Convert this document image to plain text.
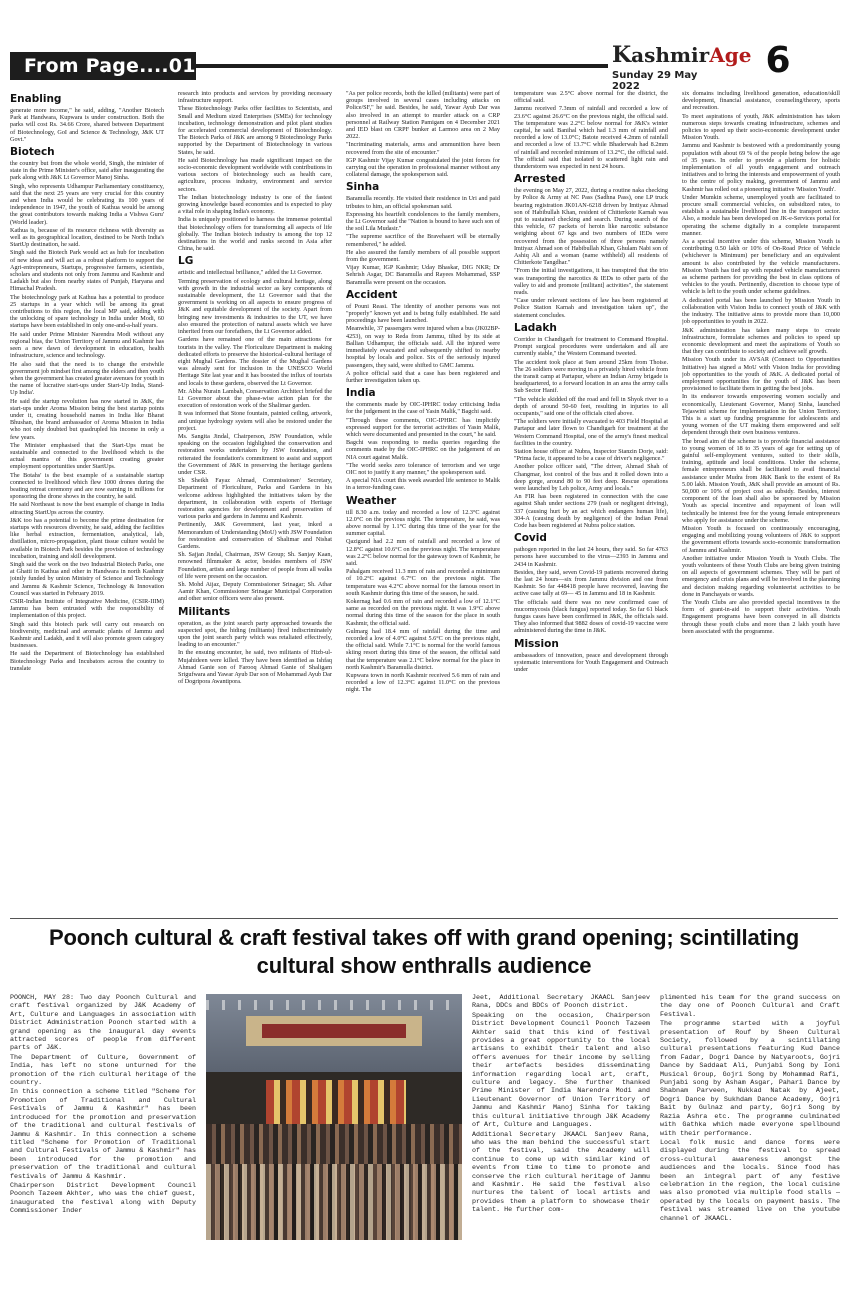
From Page....01	KashmirAge
Sunday 29 May 2022
6
Enabling

generate more income," he said, adding, "Another Biotech Park at Handwara, Kupwara is under construction. Both the parks will cost Rs. 34.66 Crore, shared between Department of Biotechnology, GoI and Science & Technology, J&K UT Govt."

Biotech

the country but from the whole world, Singh, the minister of state in the Prime Minister's office, said after inaugurating the park along with J&K Lt Governor Manoj Sinha.

Singh, who represents Udhampur Parliamentary constituency, said that the next 25 years are very crucial for this country and when India would be celebrating its 100 years of independence in 1947, the youth of Kathua would be among the great contributors towards making India a Vishwa Guru' (World leader).

Kathua is, because of its resource richness with diversity as well as its geographical location, destined to be North India's StartUp destination, he said.

Singh said the Biotech Park would act as hub for incubation of new ideas and will act as a robust platform to support the Agri-entrepreneurs, Startups, progressive farmers, scientists, scholars and students not only from Jammu and Kashmir and Ladakh but also from nearby states of Punjab, Haryana and Himachal Pradesh.

The biotechnology park at Kathua has a potential to produce 25 startups in a year which will be among its great contributions to this region, the local MP said, adding with the unlocking of spare technology in India under Modi, 60 startups have been established in only one-and-a-half years.

He said under Prime Minister Narendra Modi without any regional bias, the Union Territory of Jammu and Kashmir has seen a new dawn of development in education, health infrastructure, science and technology.

He also said that the need is to change the erstwhile government job mindset first among the elders and then youth when the government has created greater avenues for youth in the name of lucrative start-ups under Start-Up India, Stand-Up India'.

He said the startup revolution has now started in J&K, the start-ups under Aroma Mission being the best startup points under it, creating household names in India like Bharat Bhushan, the brand ambassador of Aroma Mission in India who not only doubted but quadrupled his income in only a few years.

The Minister emphasised that the Start-Ups must be sustainable and connected to the livelihood which is the actual mantra of this government creating greater employment opportunities under StartUps.

The Botahs' is the best example of a sustainable startup connected to livelihood which flew 1000 drones during the beating retreat ceremony and are now earning in millions for sponsoring the drone shows in the country, he said.

He said Northeast is now the best example of change in India attracting StartUps across the country.

J&K too has a potential to become the prime destination for startups with resources diversity, he said, adding the facilities like herbal extraction, fermentation, analytical, lab, distillation, micro-propagation, plant tissue culture would be available in Biotech Park besides the provision of technology incubation, training and skill development.

Singh said the work on the two Industrial Biotech Parks, one at Ghatti in Kathua and other in Handwara in north Kashmir jointly funded by union Ministry of Science and Technology and Jammu & Kashmir Science, Technology & Innovation Council was started in February 2019.

CSIR-Indian Institute of Integrative Medicine, (CSIR-IIIM) Jammu has been entrusted with the responsibility of implementation of this project.

Singh said this biotech park will carry out research on biodiversity, medicinal and aromatic plants of Jammu and Kashmir and Ladakh, and it will also promote green category businesses.

He said the Department of Biotechnology has established Biotechnology Parks and Incubators across the country to translate

research into products and services by providing necessary infrastructure support.

These Biotechnology Parks offer facilities to Scientists, and Small and Medium sized Enterprises (SMEs) for technology incubation, technology demonstration and pilot plant studies for accelerated commercial development of Biotechnology. The Biotech Parks of J&K are among 9 Biotechnology Parks supported by the Department of Biotechnology in various States, he said.

He said Biotechnology has made significant impact on the socio-economic development worldwide with contributions in various sectors of biotechnology such as health care, agriculture, process industry, environment and service sectors.

The Indian biotechnology industry is one of the fastest growing knowledge based economies and is expected to play a vital role in shaping India's economy.

India is uniquely positioned to harness the immense potential that biotechnology offers for transforming all aspects of life globally. The Indian biotech industry is among the top 12 destinations in the world and ranks second in Asia after China, he said.

LG

artistic and intellectual brilliance," added the Lt Governor.

Terming preservation of ecology and cultural heritage, along with growth in the industrial sector as key components of sustainable development, the Lt Governor said that the government is working on all aspects to ensure progress of J&K and equitable development of the society. Apart from bringing new investments & industries to the UT, we have also ensured the protection of natural assets which we have inherited from our forefathers, the Lt Governor added.

Gardens have remained one of the main attractions for tourists in the valley. The Floriculture Department is making dedicated efforts to preserve the historical-cultural heritage of eight Mughal Gardens. The dossier of the Mughal Gardens was already sent for inclusion in the UNESCO World Heritage Site last year and it has boosted the influx of tourists and locals to these gardens, observed the Lt Governor.

Mr. Abha Nurain Lambah, Conservation Architect briefed the Lt Governor about the phase-wise action plan for the execution of restoration work of the Shalimar garden.

It was informed that Stone fountain, painted ceiling, artwork, and unique hydrology system will also be restored under the project.

Ms. Sangita Jindal, Chairperson, JSW Foundation, while speaking on the occasion highlighted the conservation and restoration works undertaken by JSW foundation, and reiterated the foundation's commitment to assist and support the Government of J&K in preserving the heritage gardens under CSR.

Sh Sheikh Fayaz Ahmad, Commissioner/ Secretary, Department of Floriculture, Parks and Gardens in his welcome address highlighted the initiatives taken by the department, in collaboration with experts of Heritage restoration agencies for development and preservation of various parks and gardens in Jammu and Kashmir.

Pertinently, J&K Government, last year, inked a Memorandum of Understanding (MoU) with JSW Foundation for restoration and conservation of Shalimar and Nishat Gardens.

Sh. Sajjan Jindal, Chairman, JSW Group; Sh. Sanjay Kaan, renowned filmmaker & actor, besides members of JSW Foundation, artists and large number of people from all walks of life were present on the occasion.

Sh. Mohd Aijaz, Deputy Commissioner Srinagar; Sh. Athar Aamir Khan, Commissioner Srinagar Municipal Corporation and other senior officers were also present.

Militants

operation, as the joint search party approached towards the suspected spot, the hiding (militants) fired indiscriminately upon the joint search party which was retaliated effectively, leading to an encounter."

In the ensuing encounter, he said, two militants of Hizb-ul-Mujahideen were killed. They have been identified as Ishfaq Ahmad Ganie son of Farooq Ahmad Ganie of Shaligam Srigufwara and Yawar Ayub Dar son of Mohammad Ayub Dar of Dogripora Awantipora.

"As per police records, both the killed (militants) were part of groups involved in several cases including attacks on Police/SF," he said. Besides, he said, Yawar Ayub Dar was also involved in an attempt to murder attack on a CRP personnel at Railway Station Pamigam on 4 December 2021 and IED blast on CRPF bunker at Larmoo area on 2 May 2022.

"Incriminating materials, arms and ammunition have been recovered from the site of encounter."

IGP Kashmir Vijay Kumar congratulated the joint forces for carrying out the operation in professional manner without any collateral damage, the spokesperson said.

Sinha

Baramulla recently. He visited their residence in Uri and paid tributes to him, an official spokesman said.

Expressing his heartfelt condolences to the family members, the Lt Governor said the "Nation is bound to have such son of the soil Lila Mudasir."

"The supreme sacrifice of the Bravehaert will be eternally remembered," he added.

He also assured the family members of all possible support from the government.

Vijay Kumar, IGP Kashmir; Uday Bhaskar, DIG NKR; Dr Sehrish Asgar, DC Baramulla and Rayees Mohammad, SSP Baramulla were present on the occasion.

Accident

of Pouni Reasi. The identity of another persons was not "properly" known yet and is being fully established. He said proceedings have been launched.

Meanwhile, 37 passengers were injured when a bus (JK02BP-4253), on way to Reda from Jammu, tilted by its side at Ballian Udhampur, the officials said. All the injured were immediately evacuated and subsequently shifted to nearby hospital by locals and police. Six of the seriously injured passengers, they said, were shifted to GMC Jammu.

A police official said that a case has been registered and further investigation taken up.

India

the comments made by OIC-IPHRC today criticising India for the judgement in the case of Yasin Malik," Bagchi said.

"Through these comments, OIC-IPHRC has implicitly expressed support for the terrorist activities of Yasin Malik, which were documented and presented in the court," he said.

Bagchi was responding to media queries regarding the comments made by the OIC-IPHRC on the judgement of an NIA court against Malik.

"The world seeks zero tolerance of terrorism and we urge OIC not to justify it any manner," the spokesperson said.

A special NIA court this week awarded life sentence to Malik in a terror-funding case.

Weather

till 8.30 a.m. today and recorded a low of 12.3°C against 12.0°C on the previous night. The temperature, he said, was above normal by 1.1°C during this time of the year for the summer capital.

Qazigund had 2.2 mm of rainfall and recorded a low of 12.8°C against 10.6°C on the previous night. The temperature was 2.2°C below normal for the gateway town of Kashmir, he said.

Pahalgam received 11.3 mm of rain and recorded a minimum of 10.2°C against 6.7°C on the previous night. The temperature was 4.2°C above normal for the famous resort in south Kashmir during this time of the season, he said.

Kokernag had 0.6 mm of rain and recorded a low of 12.1°C same as recorded on the previous night. It was 1.9°C above normal during this time of the season for the place in south Kashmir, the official said.

Gulmarg had 18.4 mm of rainfall during the time and recorded a low of 4.0°C against 5.6°C on the previous night, the official said. While 7.1°C is normal for the world famous skiing resort during this time of the season, the official said that the temperature was 2.1°C below normal for the place in north Kashmir's Baramulla district.

Kupwara town in north Kashmir received 5.6 mm of rain and recorded a low of 12.3°C against 11.0°C on the previous night. The

temperature was 2.5°C above normal for the district, the official said.

Jammu received 7.3mm of rainfall and recorded a low of 23.6°C against 26.6°C on the previous night, the official said. The temperature was 2.2°C below normal for J&K's winter capital, he said. Banihal which had 1.3 mm of rainfall and recorded a low of 13.0°C; Batote received 4.2mm of rainfall and recorded a low of 13.7°C while Bhaderwah had 8.2mm of rainfall and recorded minimum of 13.2°C, the official said. The official said that isolated to scattered light rain and thunderstorm was expected in next 24 hours.

Arrested

the evening on May 27, 2022, during a routine naka checking by Police & Army at NC Pass (Sadhna Pass), one LP truck bearing registration JK01AN-6218 driven by Imtiyaz Ahmad son of Habibullah Khan, resident of Chitterkote Karnah was put to sustained checking and search. During search of the this vehicle, 67 packets of heroin like narcotic substance weighing about 67 kgs and two numbers of IEDs were recovered from the possession of three persons namely Imtiyaz Ahmad son of Habibullah Khan, Ghulam Nabi son of Ashiq Ali and a woman (name withheld) all residents of Chitterkote Tangdhar."

"From the initial investigations, it has transpired that the trio was transporting the narcotics & IEDs to other parts of the valley to aid and promote [militant] activities", the statement reads.

"Case under relevant sections of law has been registered at Police Station Karnah and investigation taken up", the statement concludes.

Ladakh

Corridor in Chandigarh for treatment to Command Hospital. Prompt surgical procedures were undertaken and all are currently stable," the Western Command tweeted.

The accident took place at 9am around 25km from Thoise. The 26 soldiers were moving in a privately hired vehicle from the transit camp at Partapur, where an Indian Army brigade is headquartered, to a forward location in an area the army calls Sub Sector Hanif.

"The vehicle skidded off the road and fell in Shyok river to a depth of around 50-60 feet, resulting in injuries to all occupants," said one of the officials cited above.

"The soldiers were initially evacuated to 403 Field Hospital at Partapur and later flown to Chandigarh for treatment at the Western Command Hospital, one of the army's finest medical facilities in the country.

Station house officer at Nubra, Inspector Stanzin Dorje, said: "Prima facie, it appeared to be a case of driver's negligence."

Another police officer said, "The driver, Ahmad Shah of Changmar, lost control of the bus and it rolled down into a deep gorge, around 80 to 90 feet deep. Rescue operations were launched by Leh police, Army and locals."

An FIR has been registered in connection with the case against Shah under sections 279 (rash or negligent driving), 337 (causing hurt by an act which endangers human life), 304-A (causing death by negligence) of the Indian Penal Code has been registered at Nubra police station.

Covid

pathogen reported in the last 24 hours, they said. So far 4763 persons have succumbed to the virus—2393 in Jammu and 2434 in Kashmir.

Besides, they said, seven Covid-19 patients recovered during the last 24 hours—six from Jammu division and one from Kashmir. So far 448418 people have recovered, leaving the active case tally at 69— 45 in Jammu and 18 in Kashmir.

The officials said there was no new confirmed case of mucormycosis (black fungus) reported today. So far 61 black fungus cases have been confirmed in J&K, the officials said. They also informed that 9882 doses of covid-19 vaccine were administered during the time in J&K.

Mission

ambassadors of innovation, peace and development through systematic interventions for Youth Engagement and Outreach under

six domains including livelihood generation, education/skill development, financial assistance, counseling/theory, sports and recreation.

To meet aspirations of youth, J&K administration has taken numerous steps towards creating infrastructure, schemes and policies to speed up their socio-economic development under Mission Youth.

Jammu and Kashmir is bestowed with a predominantly young population with about 69 % of the people being below the age of 35 years. In order to provide a platform for holistic implementation of all youth engagement and outreach initiatives and to bring the interests and empowerment of youth to the centre of policy making, government of Jammu and Kashmir has rolled out a pioneering initiative 'Mission Youth'.

Under Mumkin scheme, unemployed youth are facilitated to procure small commercial vehicles, on subsidized rates, to establish a sustainable livelihood line in the transport sector. Also, a module has been developed on JK-e-Services portal for operating the scheme digitally in a complete transparent manner.

As a special incentive under this scheme, Mission Youth is contributing 0.50 lakh or 10% of On-Road Price of Vehicle (whichever is Minimum) per beneficiary and an equivalent amount is also contributed by the vehicle manufacturers. Mission Youth has tied up with reputed vehicle manufacturers as scheme partners for providing the best in class options of vehicles to the youth. Pertinently, discretion to choose type of vehicle is left to the youth under scheme guidelines.

A dedicated portal has been launched by Mission Youth in collaboration with Vision India to connect youth of J&K with the industry. The initiative aims to provide more than 10,000 job opportunities to youth in 2022.

J&K administration has taken many steps to create infrastructure, formulate schemes and policies to speed up economic development and meet the aspirations of Youth so that they can contribute to society and achieve self growth.

Mission Youth under its AVSAR (Connect to Opportunities Initiative) has signed a MoU with Vision India for providing job opportunities to the youth of J&K. A dedicated portal of employment opportunities for the youth of J&K has been provisioned to facilitate them in getting the best jobs.

In its endeavor towards empowering women socially and economically, Lieutenant Governor, Manoj Sinha, launched Tejaswini scheme for implementation in the Union Territory. This is a start up funding programme for adolescents and young women of the UT making them empowered and self dependent through their own business ventures.

The broad aim of the scheme is to provide financial assistance to young women of 18 to 35 years of age for setting up of gainful self-employment ventures, suited to their skills, training, aptitude and local conditions. Under the scheme, female entrepreneurs shall be facilitated to avail financial assistance under Mudra from J&K Bank to the extent of Rs 5.00 lakh. Mission Youth, J&K shall provide an amount of Rs. 50,000 or 10% of project cost as subsidy. Besides, interest component of the loan shall also be sponsored by Mission Youth as special incentive and repayment of loan will technically be interest free for the young female entrepreneurs who apply for assistance under the scheme.

Mission Youth is focused on continuously encouraging, engaging and mobilizing young volunteers of J&K to support the government efforts towards socio-economic transformation of Jammu and Kashmir.

Another initiative under Mission Youth is Youth Clubs. The youth volunteers of these Youth Clubs are being given training on all aspects of government schemes. They will be part of emergency and crisis plans and will be involved in the planning and decision making regarding volunteerist activities to be done in Panchayats or wards.

The Youth Clubs are also provided special incentives in the form of grant-in-aid to support their activities. Youth Engagement programs have been conveyed in all districts through these youth clubs and more than 2 lakh youth have been associated with the programme.

Poonch cultural & craft festival takes off with grand opening; scintillating cultural show enthralls audience

POONCH, MAY 28: Two day Poonch Cultural and craft festival organized by J&K Academy of Art, Culture and Languages in association with District Administration Poonch started with a grand opening as the inaugural day events attracted scores of people from different parts of J&K.

The Department of Culture, Government of India, has left no stone unturned for the promotion of the rich cultural heritage of the country.

In this connection a scheme titled "Scheme for Promotion of Traditional and Cultural Festivals of Jammu & Kashmir" has been introduced for the promotion and preservation of the traditional and cultural festivals of Jammu & Kashmir. In this connection a scheme titled "Scheme for Promotion of Traditional and Cultural Festivals of Jammu & Kashmir" has been introduced for the promotion and preservation of the traditional and cultural festivals of Jammu & Kashmir.

Chairperson District Development Council Poonch Tazeem Akhter, who was the chief guest, inaugurated the festival along with Deputy Commissioner Inder

Jeet, Additional Secretary JKAACL Sanjeev Rana, DDCs and BDCs of Poonch district.

Speaking on the occasion, Chairperson District Development Council Poonch Tazeem Akhter said that this kind of festival provides a great opportunity to the local artisans to exhibit their talent and also offers avenues for their income by selling their artefacts besides disseminating information regarding local art, craft, culture and legacy. She further thanked Prime Minister of India Narendra Modi and Lieutenant Governor of Union Territory of Jammu and Kashmir Manoj Sinha for taking this cultural initiative through J&K Academy of Art, Culture and Languages.

Additional Secretary JKAACL Sanjeev Rana, who was the man behind the successful start of the festival, said the Academy will continue to come up with similar kind of events from time to time to promote and conserve the rich cultural heritage of Jammu and Kashmir. He said the festival also nurtures the talent of local artists and provides them a platform to showcase their talent. He further com-

plimented his team for the grand success on the day one of Poonch Cultural and Craft Festival.

The programme started with a joyful presentation of Rouf by Sheen Cultural Society, followed by a scintillating cultural presentations featuring Kud Dance from Fadar, Dogri Dance by Natyaroots, Gojri Dance by Saddaat Ali, Punjabi Song by Ioni Musical Group, Gojri Song by Mohammad Rafi, Punjabi song by Asham Asgar, Pahari Dance by Shabnam Parveen, Nukkad Natak by Ajeet, Dogri Dance by Sukhdam Dance Academy, Gojri Bait by Gulnaz and party, Gojri Song by Razia Ashra etc. The programme culminated with Gathka which made everyone spellbound with their performance.

Local folk music and dance forms were displayed during the festival to spread cross-cultural awareness amongst the audiences and the locals. Since food has been an integral part of any festive celebration in the region, the local cuisine was also promoted via multiple food stalls — operated by the locals on payment basis. The festival was streamed live on the youtube channel of JKAACL.
